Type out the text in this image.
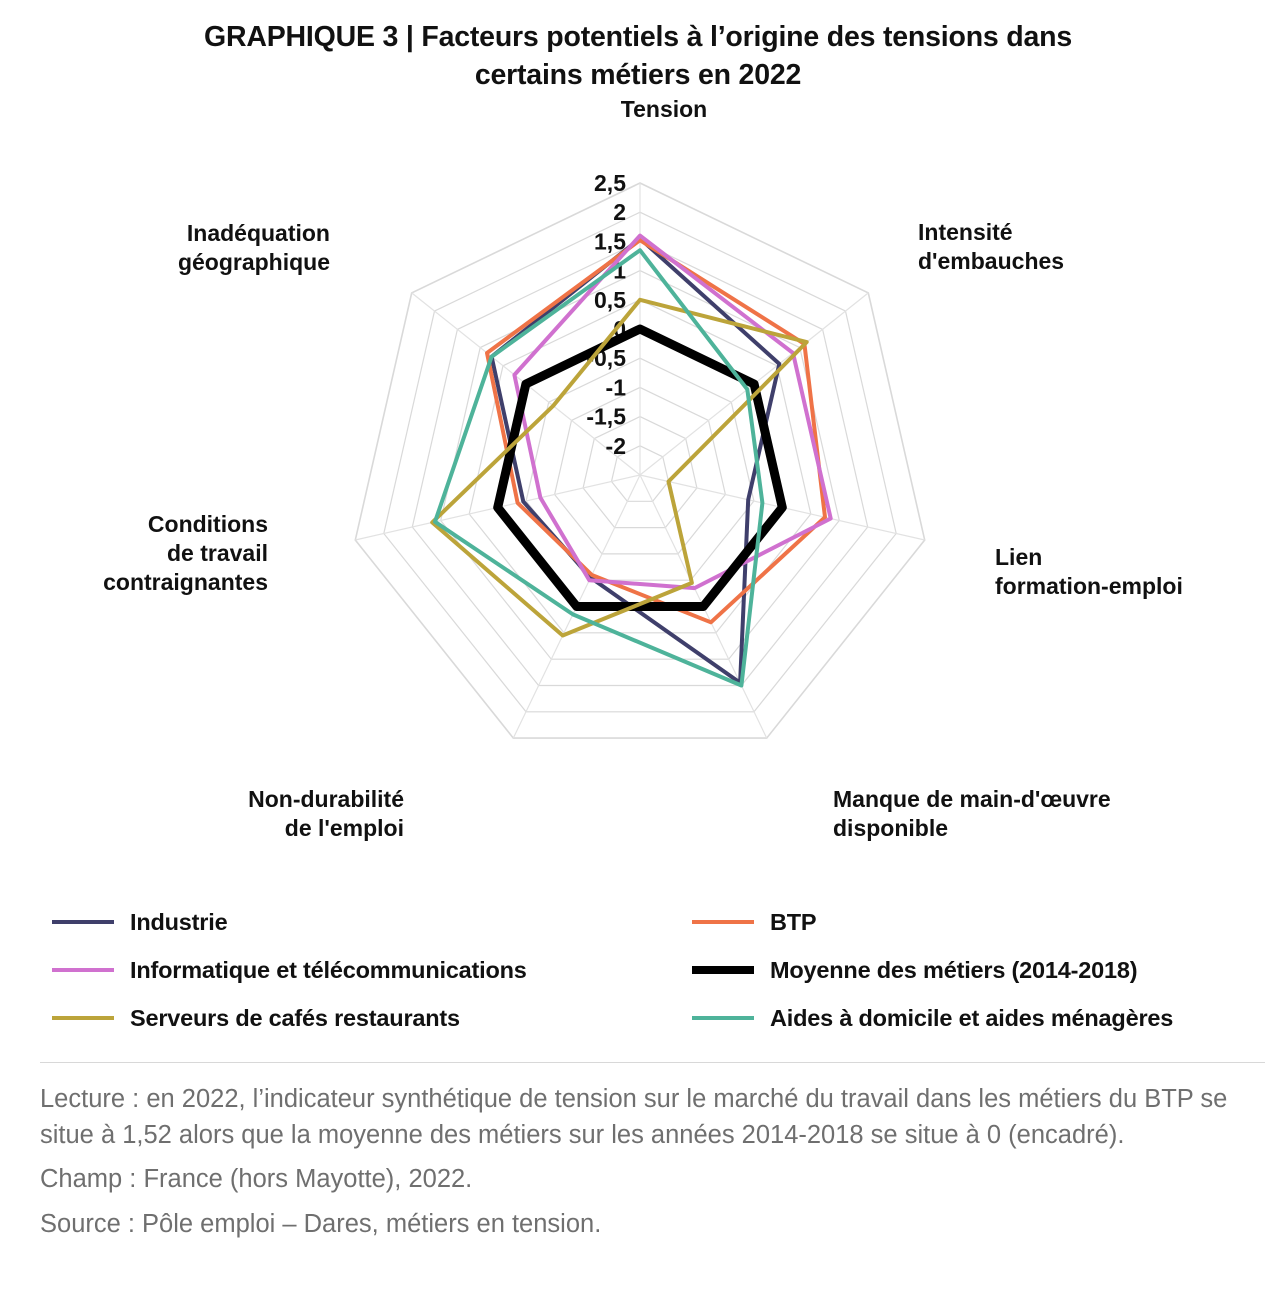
GRAPHIQUE 3 | Facteurs potentiels à l’origine des tensions dans
certains métiers en 2022
2,5
2
1,5
1
0,5
0
-0,5
-1
-1,5
-2
Tension
Intensité d'embauches
Lien formation-emploi
Manque de main-d'œuvre disponible
Non-durabilité de l'emploi
Conditions de travail contraignantes
Inadéquation géographique
Industrie	BTP
Informatique et télécommunications	Moyenne des métiers (2014-2018)
Serveurs de cafés restaurants	Aides à domicile et aides ménagères

Lecture : en 2022, l’indicateur synthétique de tension sur le marché du travail dans les métiers du BTP se situe à 1,52 alors que la moyenne des métiers sur les années 2014-2018 se situe à 0 (encadré).

Champ : France (hors Mayotte), 2022.

Source : Pôle emploi – Dares, métiers en tension.
